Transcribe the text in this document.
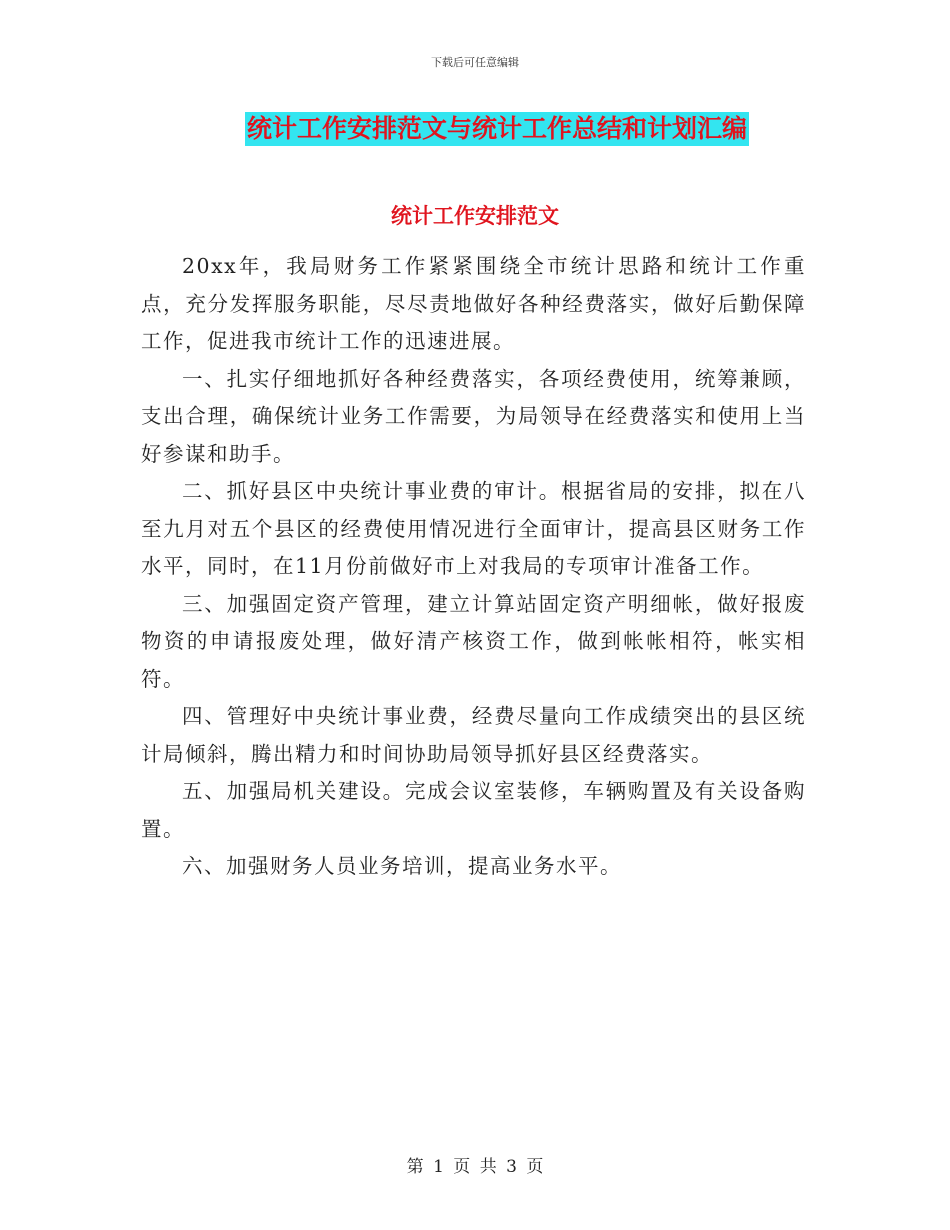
下载后可任意编辑
统计工作安排范文与统计工作总结和计划汇编
统计工作安排范文

20xx年，我局财务工作紧紧围绕全市统计思路和统计工作重点，充分发挥服务职能，尽尽责地做好各种经费落实，做好后勤保障工作，促进我市统计工作的迅速进展。

一、扎实仔细地抓好各种经费落实，各项经费使用，统筹兼顾，支出合理，确保统计业务工作需要，为局领导在经费落实和使用上当好参谋和助手。

二、抓好县区中央统计事业费的审计。根据省局的安排，拟在八至九月对五个县区的经费使用情况进行全面审计，提高县区财务工作水平，同时，在11月份前做好市上对我局的专项审计准备工作。

三、加强固定资产管理，建立计算站固定资产明细帐，做好报废物资的申请报废处理，做好清产核资工作，做到帐帐相符，帐实相符。

四、管理好中央统计事业费，经费尽量向工作成绩突出的县区统计局倾斜，腾出精力和时间协助局领导抓好县区经费落实。

五、加强局机关建设。完成会议室装修，车辆购置及有关设备购置。

六、加强财务人员业务培训，提高业务水平。

第 1 页 共 3 页
